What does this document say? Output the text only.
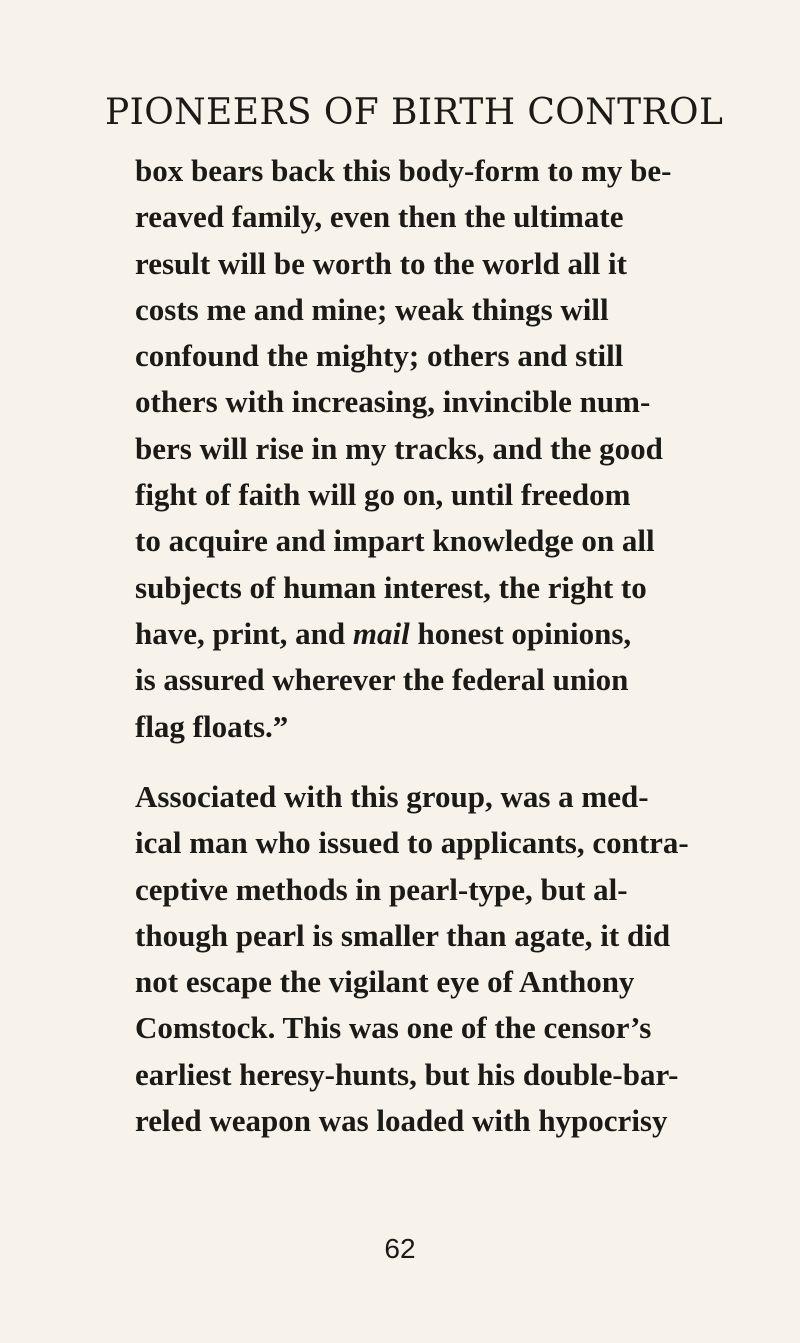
PIONEERS OF BIRTH CONTROL
box bears back this body-form to my be-
reaved family, even then the ultimate
result will be worth to the world all it
costs me and mine; weak things will
confound the mighty; others and still
others with increasing, invincible num-
bers will rise in my tracks, and the good
fight of faith will go on, until freedom
to acquire and impart knowledge on all
subjects of human interest, the right to
have, print, and mail honest opinions,
is assured wherever the federal union
flag floats.”
Associated with this group, was a med-
ical man who issued to applicants, contra-
ceptive methods in pearl-type, but al-
though pearl is smaller than agate, it did
not escape the vigilant eye of Anthony
Comstock. This was one of the censor’s
earliest heresy-hunts, but his double-bar-
reled weapon was loaded with hypocrisy
62
